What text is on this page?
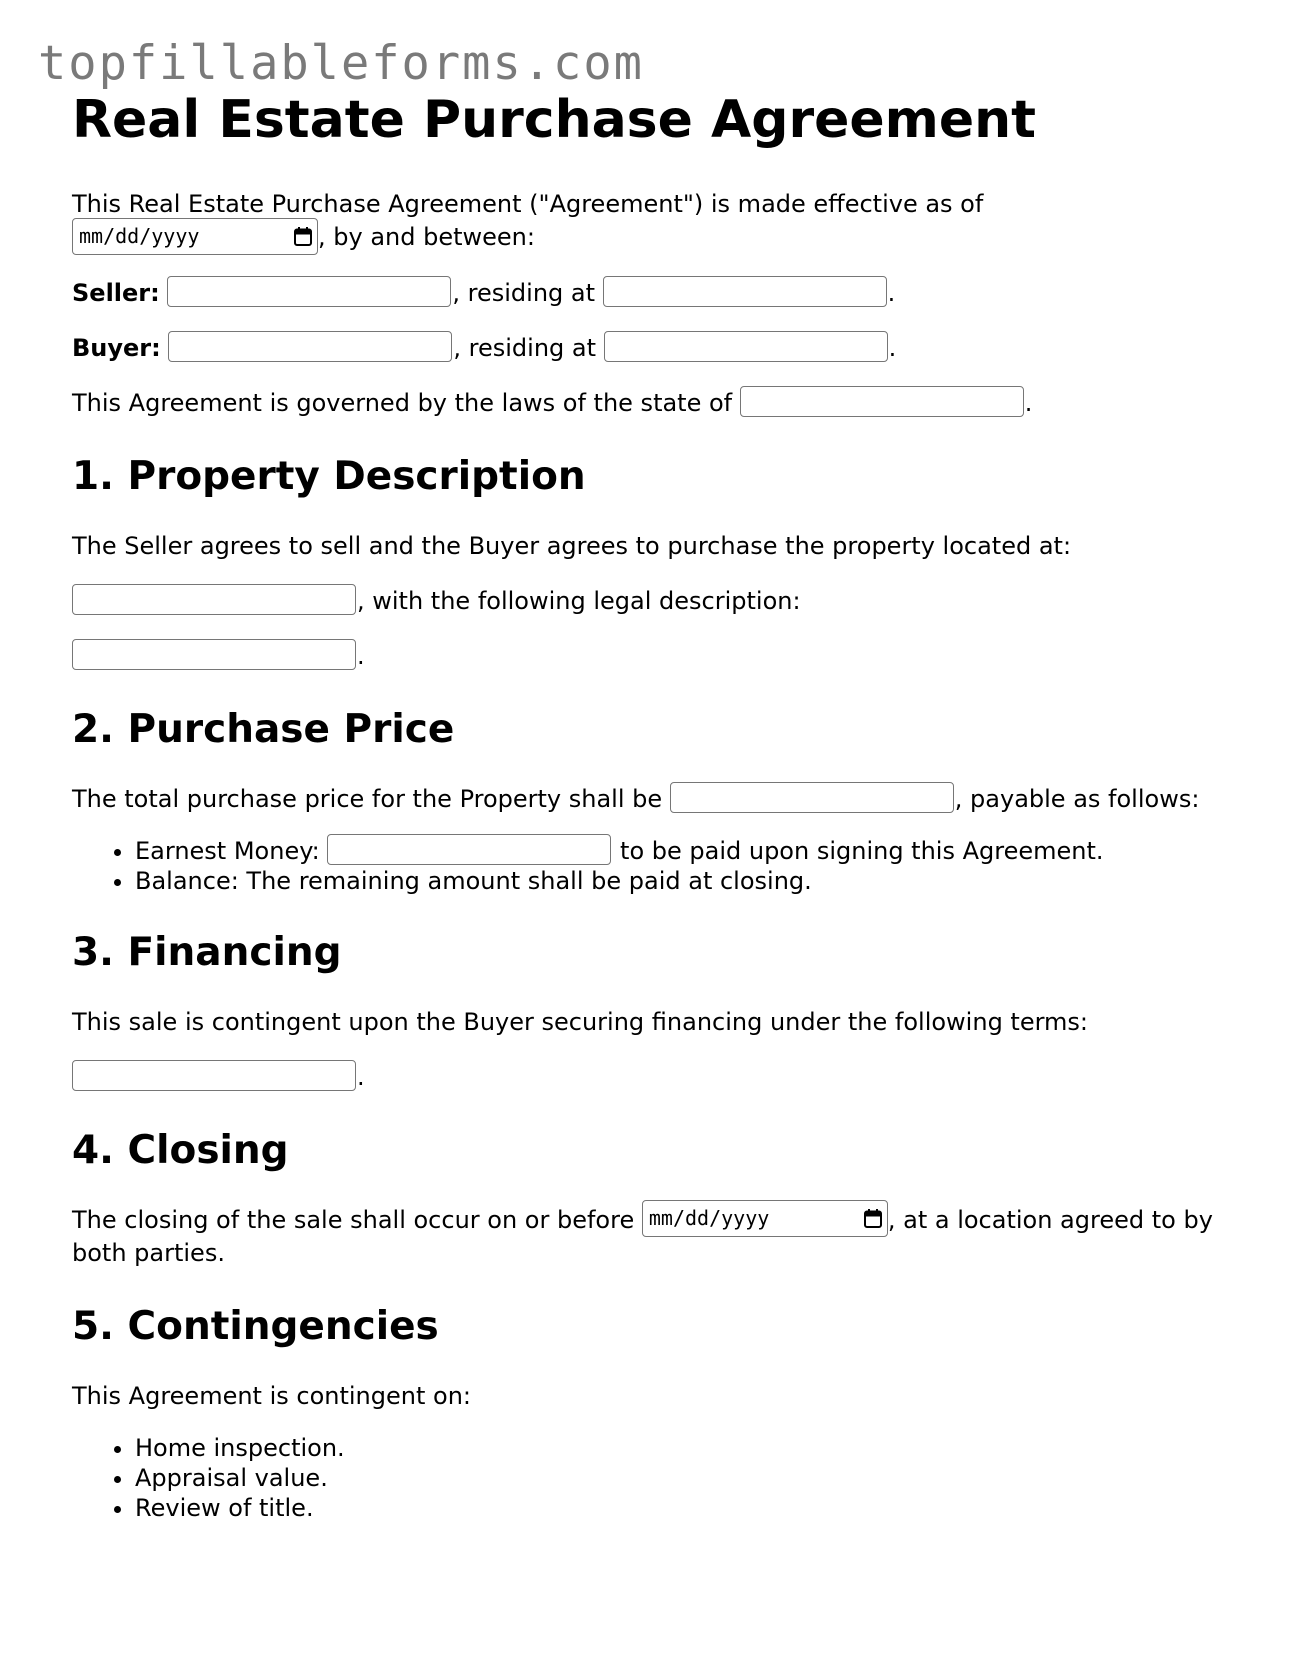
topfillableforms.com
Real Estate Purchase Agreement

This Real Estate Purchase Agreement ("Agreement") is made effective as of

mm/dd/yyyy	, by and between:

Seller:	, residing at	.

Buyer:	, residing at	.

This Agreement is governed by the laws of the state of	.

1. Property Description

The Seller agrees to sell and the Buyer agrees to purchase the property located at:

, with the following legal description:

.

2. Purchase Price

The total purchase price for the Property shall be	, payable as follows:

• Earnest Money:	to be paid upon signing this Agreement.
• Balance: The remaining amount shall be paid at closing.
3. Financing

This sale is contingent upon the Buyer securing financing under the following terms:

.

4. Closing

The closing of the sale shall occur on or before mm/dd/yyyy	, at a location agreed to by both parties.

5. Contingencies

This Agreement is contingent on:

• Home inspection.
• Appraisal value.
• Review of title.
